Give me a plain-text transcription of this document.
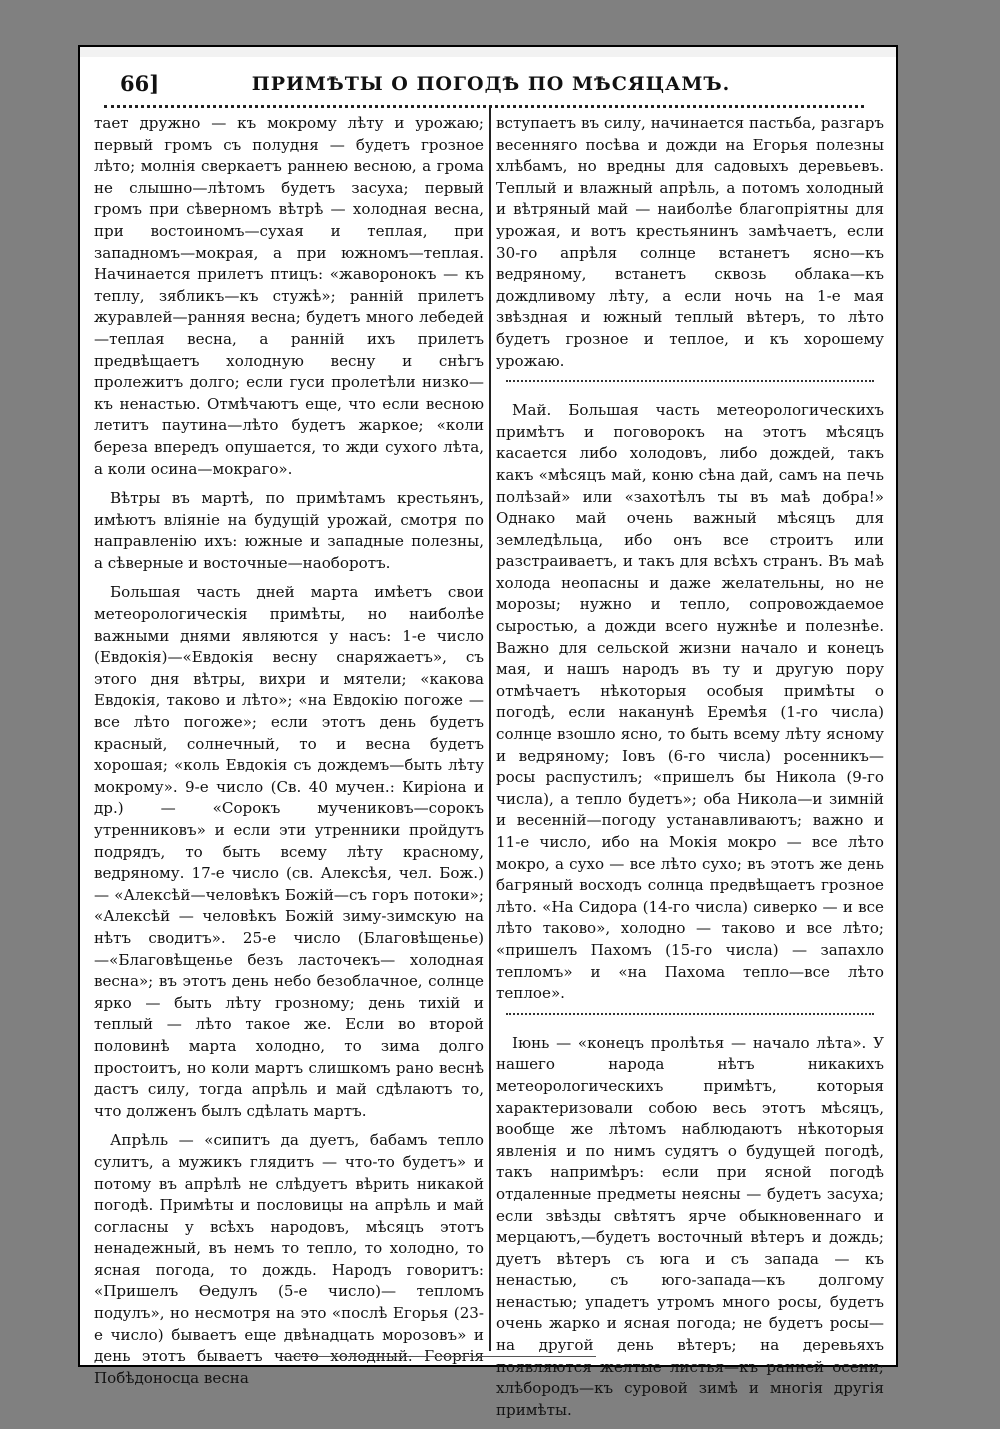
66]	ПРИМѢТЫ О ПОГОДѢ ПО МѢСЯЦАМЪ.

тает дружно — къ мокрому лѣту и урожаю; первый громъ съ полудня — будетъ грозное лѣто; молнія сверкаетъ раннею весною, а грома не слышно—лѣтомъ будетъ засуха; первый громъ при сѣверномъ вѣтрѣ — холодная весна, при востоиномъ—сухая и теплая, при западномъ—мокрая, а при южномъ—теплая. Начинается прилетъ птицъ: «жаворонокъ — къ теплу, зябликъ—къ стужѣ»; ранній прилетъ журавлей—ранняя весна; будетъ много лебедей—теплая весна, а ранній ихъ прилетъ предвѣщаетъ холодную весну и снѣгъ пролежитъ долго; если гуси пролетѣли низко—къ ненастью. Отмѣчаютъ еще, что если весною летитъ паутина—лѣто будетъ жаркое; «коли береза впередъ опушается, то жди сухого лѣта, а коли осина—мокраго».

Вѣтры въ мартѣ, по примѣтамъ крестьянъ, имѣютъ вліяніе на будущій урожай, смотря по направленію ихъ: южные и западные полезны, а сѣверные и восточные—наоборотъ.

Большая часть дней марта имѣетъ свои метеорологическія примѣты, но наиболѣе важными днями являются у насъ: 1-е число (Евдокія)—«Евдокія весну снаряжаетъ», съ этого дня вѣтры, вихри и мятели; «какова Евдокія, таково и лѣто»; «на Евдокію погоже — все лѣто погоже»; если этотъ день будетъ красный, солнечный, то и весна будетъ хорошая; «коль Евдокія съ дождемъ—быть лѣту мокрому». 9-е число (Св. 40 мучен.: Киріона и др.) — «Сорокъ мучениковъ—сорокъ утренниковъ» и если эти утренники пройдутъ подрядъ, то быть всему лѣту красному, ведряному. 17-е число (св. Алексѣя, чел. Бож.)— «Алексѣй—человѣкъ Божій—съ горъ потоки»; «Алексѣй — человѣкъ Божій зиму-зимскую на нѣтъ сводитъ». 25-е число (Благовѣщенье)—«Благовѣщенье безъ ласточекъ— холодная весна»; въ этотъ день небо безоблачное, солнце ярко — быть лѣту грозному; день тихій и теплый — лѣто такое же. Если во второй половинѣ марта холодно, то зима долго простоитъ, но коли мартъ слишкомъ рано веснѣ дастъ силу, тогда апрѣль и май сдѣлаютъ то, что долженъ былъ сдѣлать мартъ.

Апрѣль — «сипитъ да дуетъ, бабамъ тепло сулитъ, а мужикъ глядитъ — что-то будетъ» и потому въ апрѣлѣ не слѣдуетъ вѣрить никакой погодѣ. Примѣты и пословицы на апрѣль и май согласны у всѣхъ народовъ, мѣсяцъ этотъ ненадежный, въ немъ то тепло, то холодно, то ясная погода, то дождь. Народъ говоритъ: «Пришелъ Ѳедулъ (5-е число)— тепломъ подулъ», но несмотря на это «послѣ Егорья (23-е число) бываетъ еще двѣнадцать морозовъ» и день этотъ бываетъ часто холодный. Георгія Побѣдоносца весна

вступаетъ въ силу, начинается пастьба, разгаръ весенняго посѣва и дожди на Егорья полезны хлѣбамъ, но вредны для садовыхъ деревьевъ. Теплый и влажный апрѣль, а потомъ холодный и вѣтряный май — наиболѣе благопріятны для урожая, и вотъ крестьянинъ замѣчаетъ, если 30-го апрѣля солнце встанетъ ясно—къ ведряному, встанетъ сквозь облака—къ дождливому лѣту, а если ночь на 1-е мая звѣздная и южный теплый вѣтеръ, то лѣто будетъ грозное и теплое, и къ хорошему урожаю.

Май. Большая часть метеорологическихъ примѣтъ и поговорокъ на этотъ мѣсяцъ касается либо холодовъ, либо дождей, такъ какъ «мѣсяцъ май, коню сѣна дай, самъ на печь полѣзай» или «захотѣлъ ты въ маѣ добра!» Однако май очень важный мѣсяцъ для земледѣльца, ибо онъ все строитъ или разстраиваетъ, и такъ для всѣхъ странъ. Въ маѣ холода неопасны и даже желательны, но не морозы; нужно и тепло, сопровождаемое сыростью, а дожди всего нужнѣе и полезнѣе. Важно для сельской жизни начало и конецъ мая, и нашъ народъ въ ту и другую пору отмѣчаетъ нѣкоторыя особыя примѣты о погодѣ, если наканунѣ Еремѣя (1-го числа) солнце взошло ясно, то быть всему лѣту ясному и ведряному; Іовъ (6-го числа) росенникъ—росы распустилъ; «пришелъ бы Никола (9-го числа), а тепло будетъ»; оба Никола—и зимній и весенній—погоду устанавливаютъ; важно и 11-е число, ибо на Мокія мокро — все лѣто мокро, а сухо — все лѣто сухо; въ этотъ же день багряный восходъ солнца предвѣщаетъ грозное лѣто. «На Сидора (14-го числа) сиверко — и все лѣто таково», холодно — таково и все лѣто; «пришелъ Пахомъ (15-го числа) — запахло тепломъ» и «на Пахома тепло—все лѣто теплое».

Іюнь — «конецъ пролѣтья — начало лѣта». У нашего народа нѣтъ никакихъ метеорологическихъ примѣтъ, которыя характеризовали собою весь этотъ мѣсяцъ, вообще же лѣтомъ наблюдаютъ нѣкоторыя явленія и по нимъ судятъ о будущей погодѣ, такъ напримѣръ: если при ясной погодѣ отдаленные предметы неясны — будетъ засуха; если звѣзды свѣтятъ ярче обыкновеннаго и мерцаютъ,—будетъ восточный вѣтеръ и дождь; дуетъ вѣтеръ съ юга и съ запада — къ ненастью, съ юго-запада—къ долгому ненастью; упадетъ утромъ много росы, будетъ очень жарко и ясная погода; не будетъ росы—на другой день вѣтеръ; на деревьяхъ появляются желтые листья—къ ранней осени; хлѣбородъ—къ суровой зимѣ и многія другія примѣты.
